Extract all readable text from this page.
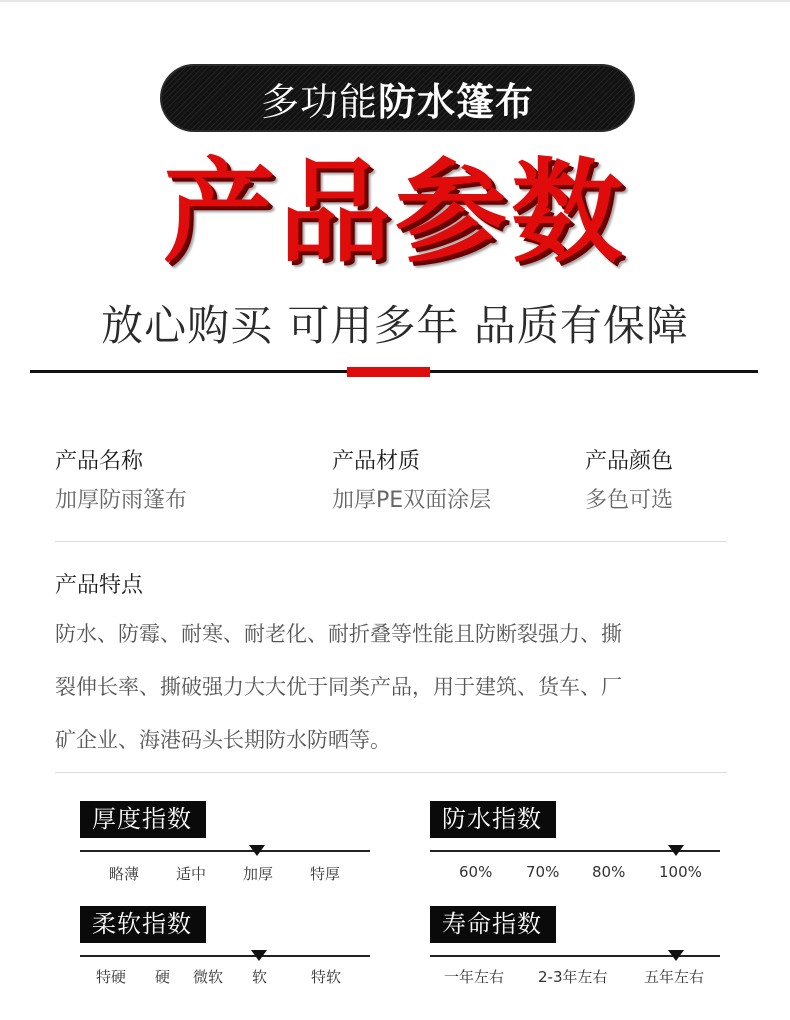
多功能 防水篷布
产品参数
放心购买 可用多年 品质有保障
产品名称
加厚防雨篷布
产品材质
加厚PE双面涂层
产品颜色
多色可选
产品特点
防水、防霉、耐寒、耐老化、耐折叠等性能且防断裂强力、撕
裂伸长率、撕破强力大大优于同类产品，用于建筑、货车、厂
矿企业、海港码头长期防水防晒等。
厚度指数
略薄 适中 加厚 特厚
防水指数
60% 70% 80% 100%
柔软指数
特硬 硬 微软 软	特软
寿命指数
一年左右 2-3年左右 五年左右
